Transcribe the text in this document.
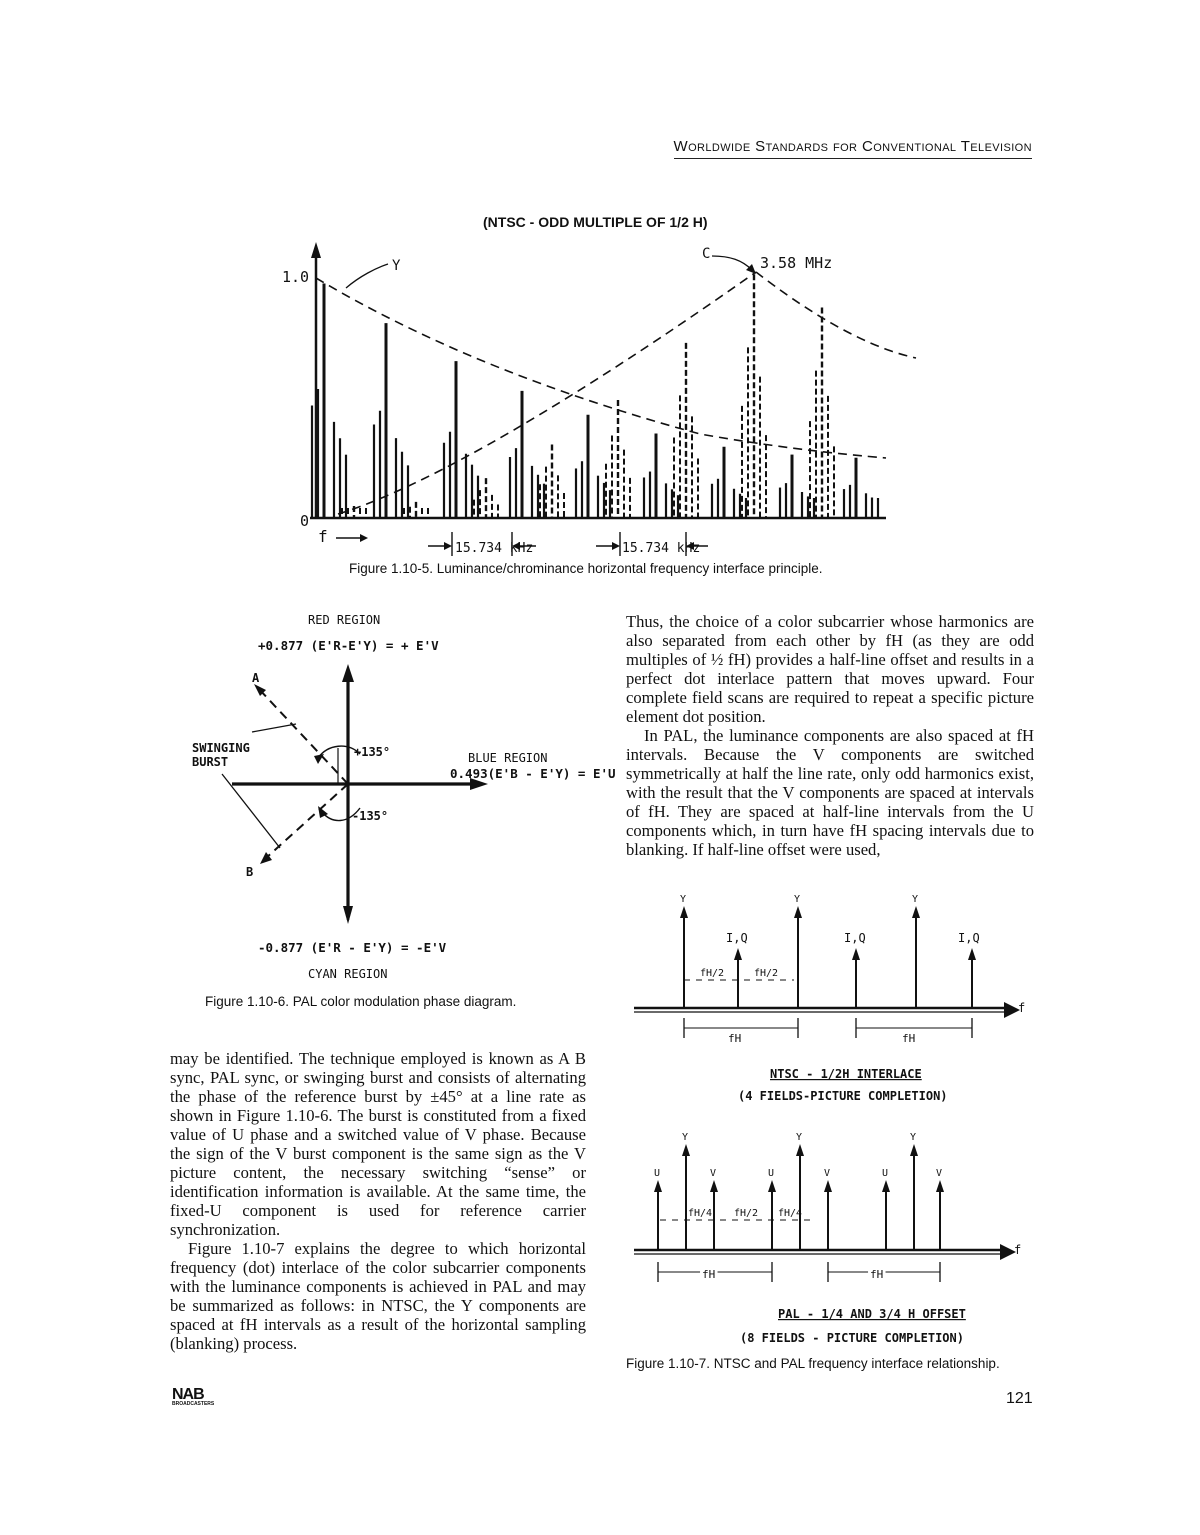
Worldwide Standards for Conventional Television
(NTSC - ODD MULTIPLE OF 1/2 H)
1.0
0
Y
C	3.58 MHz
f
15.734 kHz	15.734 kHz
Figure 1.10-5. Luminance/chrominance horizontal frequency interface principle.
RED REGION
+0.877 (E'R-E'Y) = + E'V
BLUE REGION
0.493(E'B - E'Y) = E'U
A
B
SWINGING
BURST
+135°
-135°
-0.877 (E'R - E'Y) = -E'V
CYAN REGION
Figure 1.10-6. PAL color modulation phase diagram.

Thus, the choice of a color subcarrier whose harmonics are also separated from each other by fH (as they are odd multiples of ½ fH) provides a half-line offset and results in a perfect dot interlace pattern that moves upward. Four complete field scans are required to repeat a specific picture element dot position.

In PAL, the luminance components are also spaced at fH intervals. Because the V components are switched symmetrically at half the line rate, only odd harmonics exist, with the result that the V components are spaced at intervals of fH. They are spaced at half-line intervals from the U components which, in turn have fH spacing intervals due to blanking. If half-line offset were used,

f
Y	Y	Y
I,Q	I,Q	I,Q
fH/2	fH/2
fH	fH
NTSC - 1/2H INTERLACE
(4 FIELDS-PICTURE COMPLETION)
f
Y	Y	Y
U	V	U	V	U	V
fH/4 fH/2 fH/4
fH	fH
PAL - 1/4 AND 3/4 H OFFSET
(8 FIELDS - PICTURE COMPLETION)
Figure 1.10-7. NTSC and PAL frequency interface relationship.

may be identified. The technique employed is known as A B sync, PAL sync, or swinging burst and consists of alternating the phase of the reference burst by ±45° at a line rate as shown in Figure 1.10-6. The burst is constituted from a fixed value of U phase and a switched value of V phase. Because the sign of the V burst component is the same sign as the V picture content, the necessary switching “sense” or identification information is available. At the same time, the fixed-U component is used for reference carrier synchronization.

Figure 1.10-7 explains the degree to which horizontal frequency (dot) interlace of the color subcarrier components with the luminance components is achieved in PAL and may be summarized as follows: in NTSC, the Y components are spaced at fH intervals as a result of the horizontal sampling (blanking) process.

NAB
BROADCASTERS	121
